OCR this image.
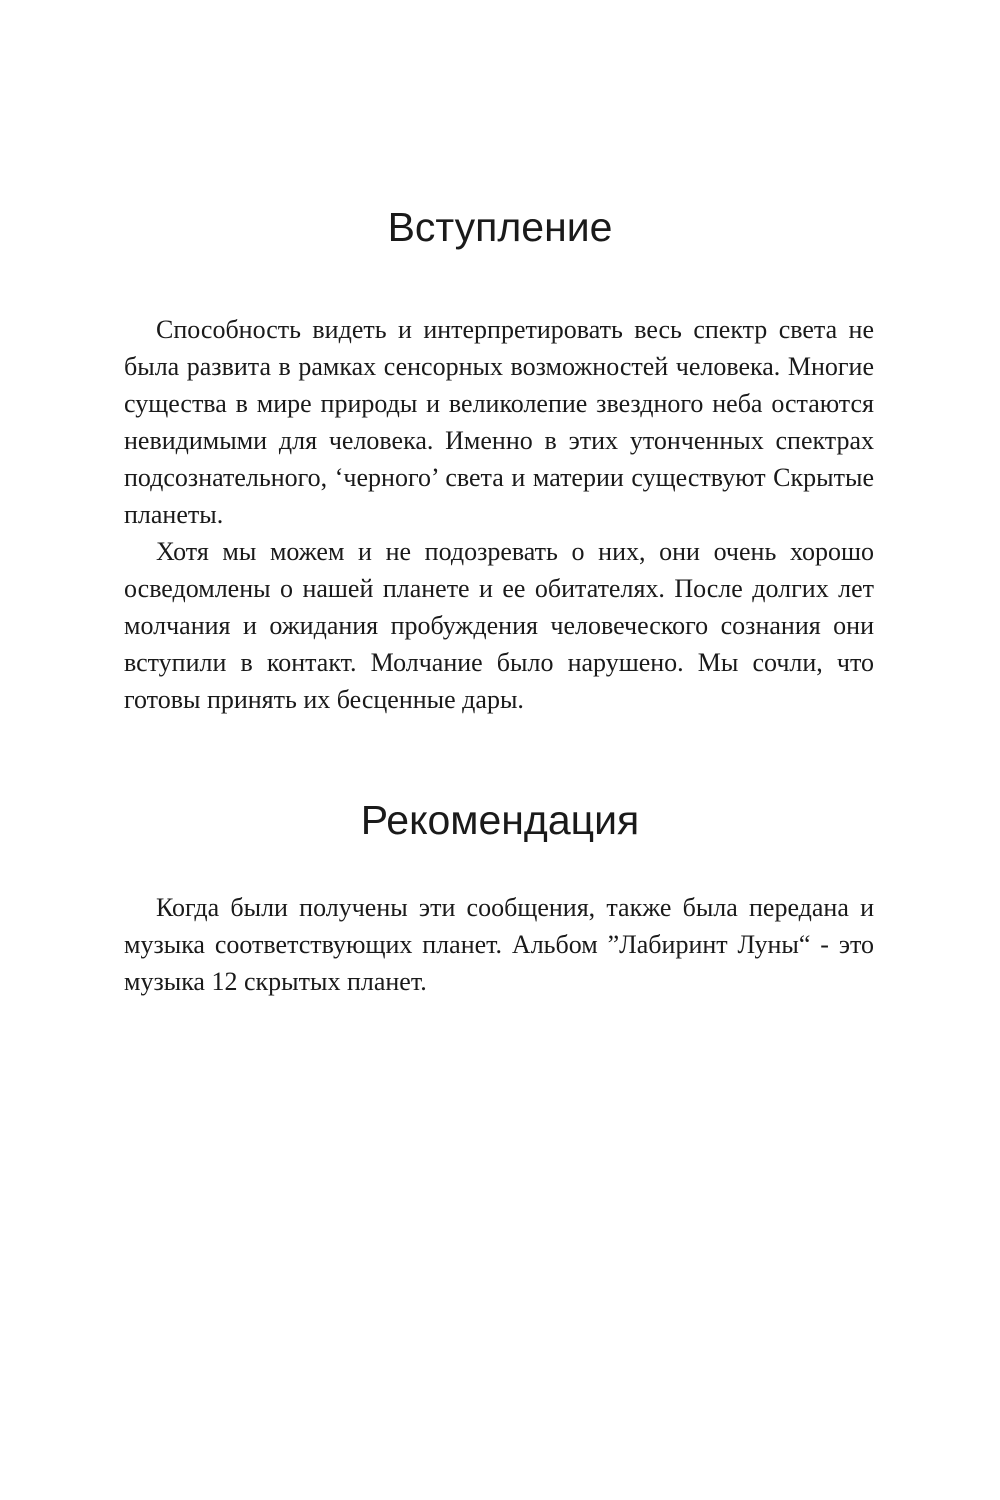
Вступление

Способность видеть и интерпретировать весь спектр света не была развита в рамках сенсорных возможностей человека. Многие существа в мире природы и великолепие звездного неба остаются невидимыми для человека. Именно в этих утонченных спектрах подсознательного, ‘черного’ света и материи существуют Скрытые планеты.

Хотя мы можем и не подозревать о них, они очень хорошо осведомлены о нашей планете и ее обитателях. После долгих лет молчания и ожидания пробуждения человеческого сознания они вступили в контакт. Молчание было нарушено. Мы сочли, что готовы принять их бесценные дары.

Рекомендация

Когда были получены эти сообщения, также была передана и музыка соответствующих планет. Альбом ”Лабиринт Луны“ - это музыка 12 скрытых планет.
